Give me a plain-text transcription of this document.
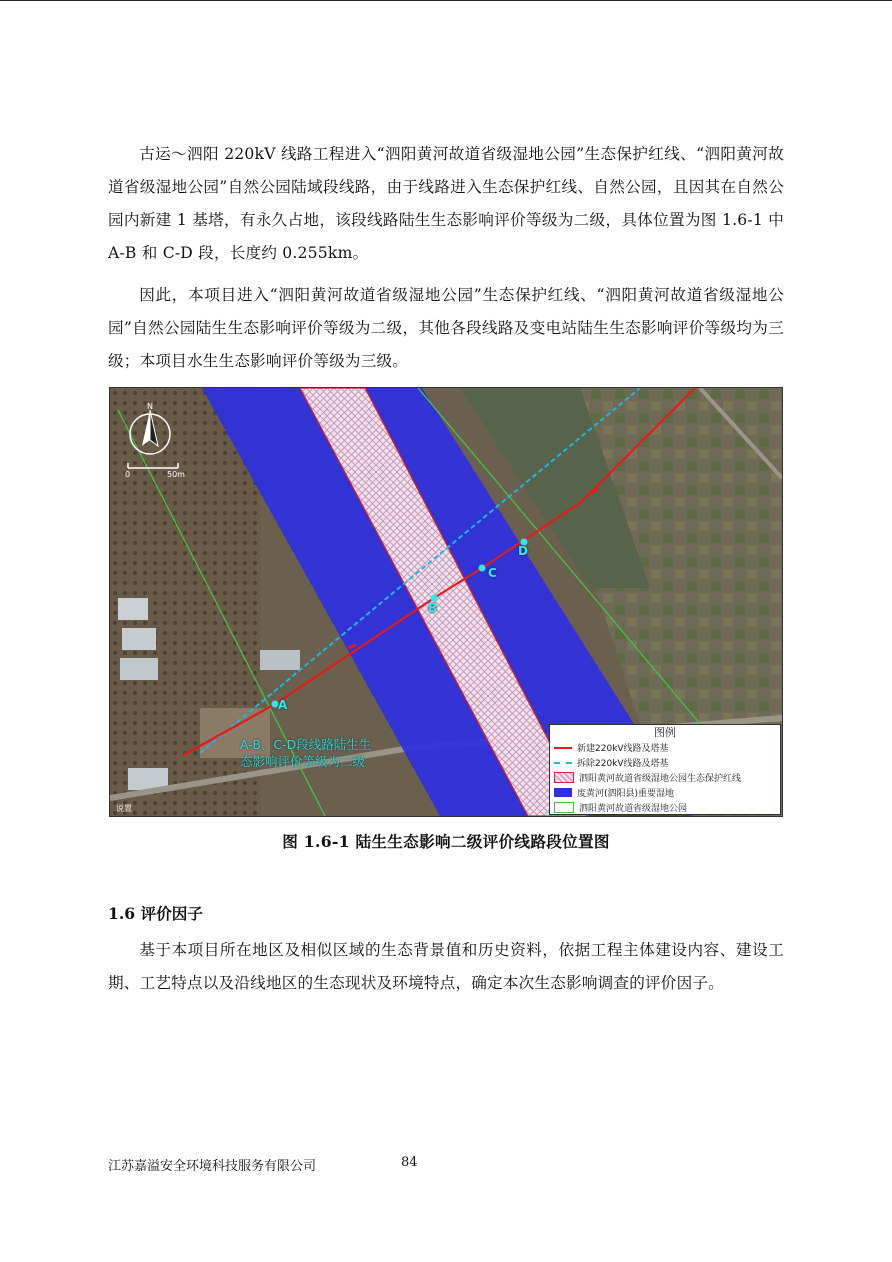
古运～泗阳 220kV 线路工程进入“泗阳黄河故道省级湿地公园”生态保护红线、“泗阳黄河故道省级湿地公园”自然公园陆域段线路，由于线路进入生态保护红线、自然公园，且因其在自然公园内新建 1 基塔，有永久占地，该段线路陆生生态影响评价等级为二级，具体位置为图 1.6-1 中 A-B 和 C-D 段，长度约 0.255km。

因此，本项目进入“泗阳黄河故道省级湿地公园”生态保护红线、“泗阳黄河故道省级湿地公园”自然公园陆生生态影响评价等级为二级，其他各段线路及变电站陆生生态影响评价等级均为三级；本项目水生生态影响评价等级为三级。

N
0	50m
A
B
C
D
A-B、C-D段线路陆生生
态影响评价等级为二级
说置
图例
新建220kV线路及塔基
拆除220kV线路及塔基
泗阳黄河故道省级湿地公园生态保护红线
废黄河(泗阳县)重要湿地
泗阳黄河故道省级湿地公园
图 1.6-1 陆生生态影响二级评价线路段位置图
1.6 评价因子

基于本项目所在地区及相似区域的生态背景值和历史资料，依据工程主体建设内容、建设工期、工艺特点以及沿线地区的生态现状及环境特点，确定本次生态影响调查的评价因子。

江苏嘉溢安全环境科技服务有限公司	84
